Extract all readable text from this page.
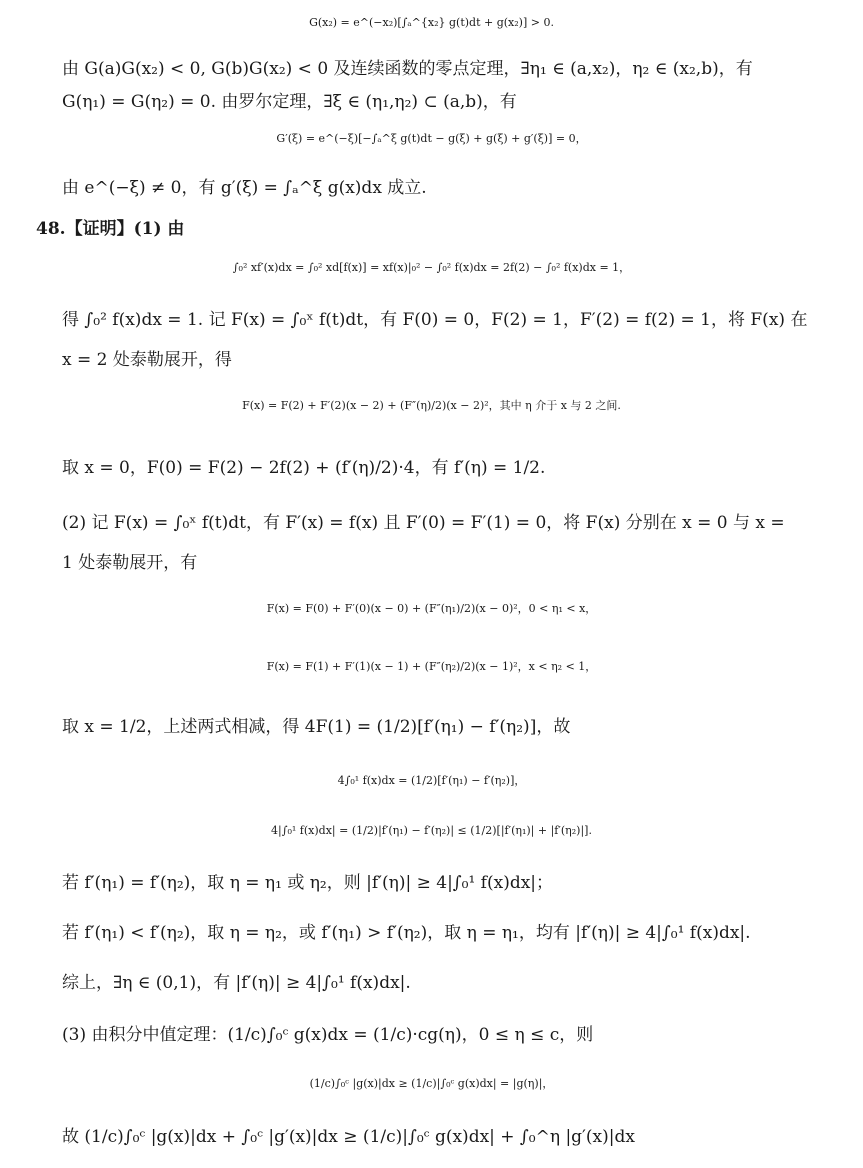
G(x₂) = e^(−x₂)[∫ₐ^{x₂} g(t)dt + g(x₂)] > 0.
由 G(a)G(x₂) < 0, G(b)G(x₂) < 0 及连续函数的零点定理，∃η₁ ∈ (a,x₂)，η₂ ∈ (x₂,b)，有
G(η₁) = G(η₂) = 0. 由罗尔定理，∃ξ ∈ (η₁,η₂) ⊂ (a,b)，有
G′(ξ) = e^(−ξ)[−∫ₐ^ξ g(t)dt − g(ξ) + g(ξ) + g′(ξ)] = 0，
由 e^(−ξ) ≠ 0，有 g′(ξ) = ∫ₐ^ξ g(x)dx 成立.
48.【证明】(1) 由
∫₀² xf′(x)dx = ∫₀² xd[f(x)] = xf(x)|₀² − ∫₀² f(x)dx = 2f(2) − ∫₀² f(x)dx = 1，
得 ∫₀² f(x)dx = 1. 记 F(x) = ∫₀ˣ f(t)dt，有 F(0) = 0，F(2) = 1，F′(2) = f(2) = 1，将 F(x) 在
x = 2 处泰勒展开，得
F(x) = F(2) + F′(2)(x − 2) + (F″(η)/2)(x − 2)²，其中 η 介于 x 与 2 之间.
取 x = 0，F(0) = F(2) − 2f(2) + (f′(η)/2)·4，有 f′(η) = 1/2.
(2) 记 F(x) = ∫₀ˣ f(t)dt，有 F′(x) = f(x) 且 F′(0) = F′(1) = 0，将 F(x) 分别在 x = 0 与 x =
1 处泰勒展开，有
F(x) = F(0) + F′(0)(x − 0) + (F″(η₁)/2)(x − 0)²，0 < η₁ < x，
F(x) = F(1) + F′(1)(x − 1) + (F″(η₂)/2)(x − 1)²，x < η₂ < 1，
取 x = 1/2，上述两式相减，得 4F(1) = (1/2)[f′(η₁) − f′(η₂)]，故
4∫₀¹ f(x)dx = (1/2)[f′(η₁) − f′(η₂)]，
4|∫₀¹ f(x)dx| = (1/2)|f′(η₁) − f′(η₂)| ≤ (1/2)[|f′(η₁)| + |f′(η₂)|].
若 f′(η₁) = f′(η₂)，取 η = η₁ 或 η₂，则 |f′(η)| ≥ 4|∫₀¹ f(x)dx|；
若 f′(η₁) < f′(η₂)，取 η = η₂，或 f′(η₁) > f′(η₂)，取 η = η₁，均有 |f′(η)| ≥ 4|∫₀¹ f(x)dx|.
综上，∃η ∈ (0,1)，有 |f′(η)| ≥ 4|∫₀¹ f(x)dx|.
(3) 由积分中值定理：(1/c)∫₀ᶜ g(x)dx = (1/c)·cg(η)，0 ≤ η ≤ c，则
(1/c)∫₀ᶜ |g(x)|dx ≥ (1/c)|∫₀ᶜ g(x)dx| = |g(η)|，
故 (1/c)∫₀ᶜ |g(x)|dx + ∫₀ᶜ |g′(x)|dx ≥ (1/c)|∫₀ᶜ g(x)dx| + ∫₀^η |g′(x)|dx
